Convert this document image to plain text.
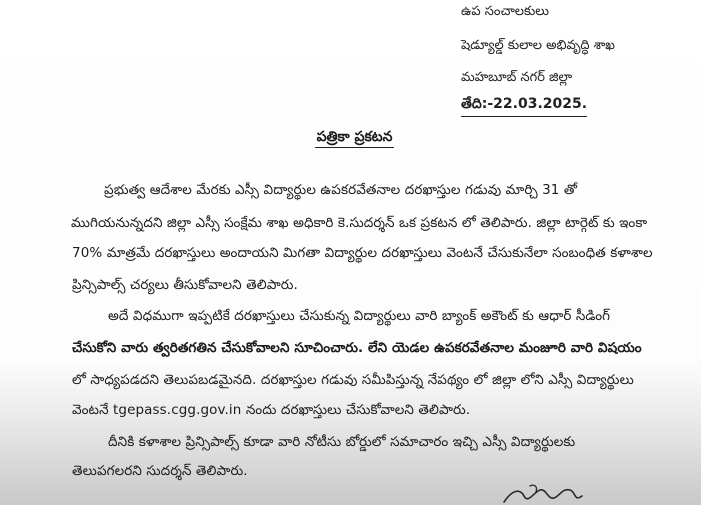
ఉప సంచాలకులు
షెడ్యూల్డ్ కులాల అభివృద్ధి శాఖ
మహబూబ్ నగర్ జిల్లా
తేది:-22.03.2025.
పత్రికా ప్రకటన
ప్రభుత్వ ఆదేశాల మేరకు ఎస్సీ విద్యార్థుల ఉపకరవేతనాల దరఖాస్తుల గడువు మార్చి 31 తో
ముగియనున్నదని జిల్లా ఎస్సీ సంక్షేమ శాఖ అధికారి కె.సుదర్శన్ ఒక ప్రకటన లో తెలిపారు. జిల్లా టార్గెట్ కు ఇంకా
70% మాత్రమే దరఖాస్తులు అందాయని మిగతా విద్యార్థుల దరఖాస్తులు వెంటనే చేసుకునేలా సంబంధిత కళాశాల
ప్రిన్సిపాల్స్ చర్యలు తీసుకోవాలని తెలిపారు.
అదే విధముగా ఇప్పటికే దరఖాస్తులు చేసుకున్న విద్యార్థులు వారి బ్యాంక్ అకౌంట్ కు ఆధార్ సీడింగ్
చేసుకోని వారు త్వరితగతిన చేసుకోవాలని సూచించారు. లేని యెడల ఉపకరవేతనాల మంజూరి వారి విషయం
లో సాధ్యపడదని తెలుపబడమైనది. దరఖాస్తుల గడువు సమీపిస్తున్న నేపథ్యం లో జిల్లా లోని ఎస్సీ విద్యార్థులు
వెంటనే tgepass.cgg.gov.in నందు దరఖాస్తులు చేసుకోవాలని తెలిపారు.
దీనికి కళాశాల ప్రిన్సిపాల్స్ కూడా వారి నోటీసు బోర్డులో సమాచారం ఇచ్చి ఎస్సీ విద్యార్థులకు
తెలుపగలరని సుదర్శన్ తెలిపారు.
